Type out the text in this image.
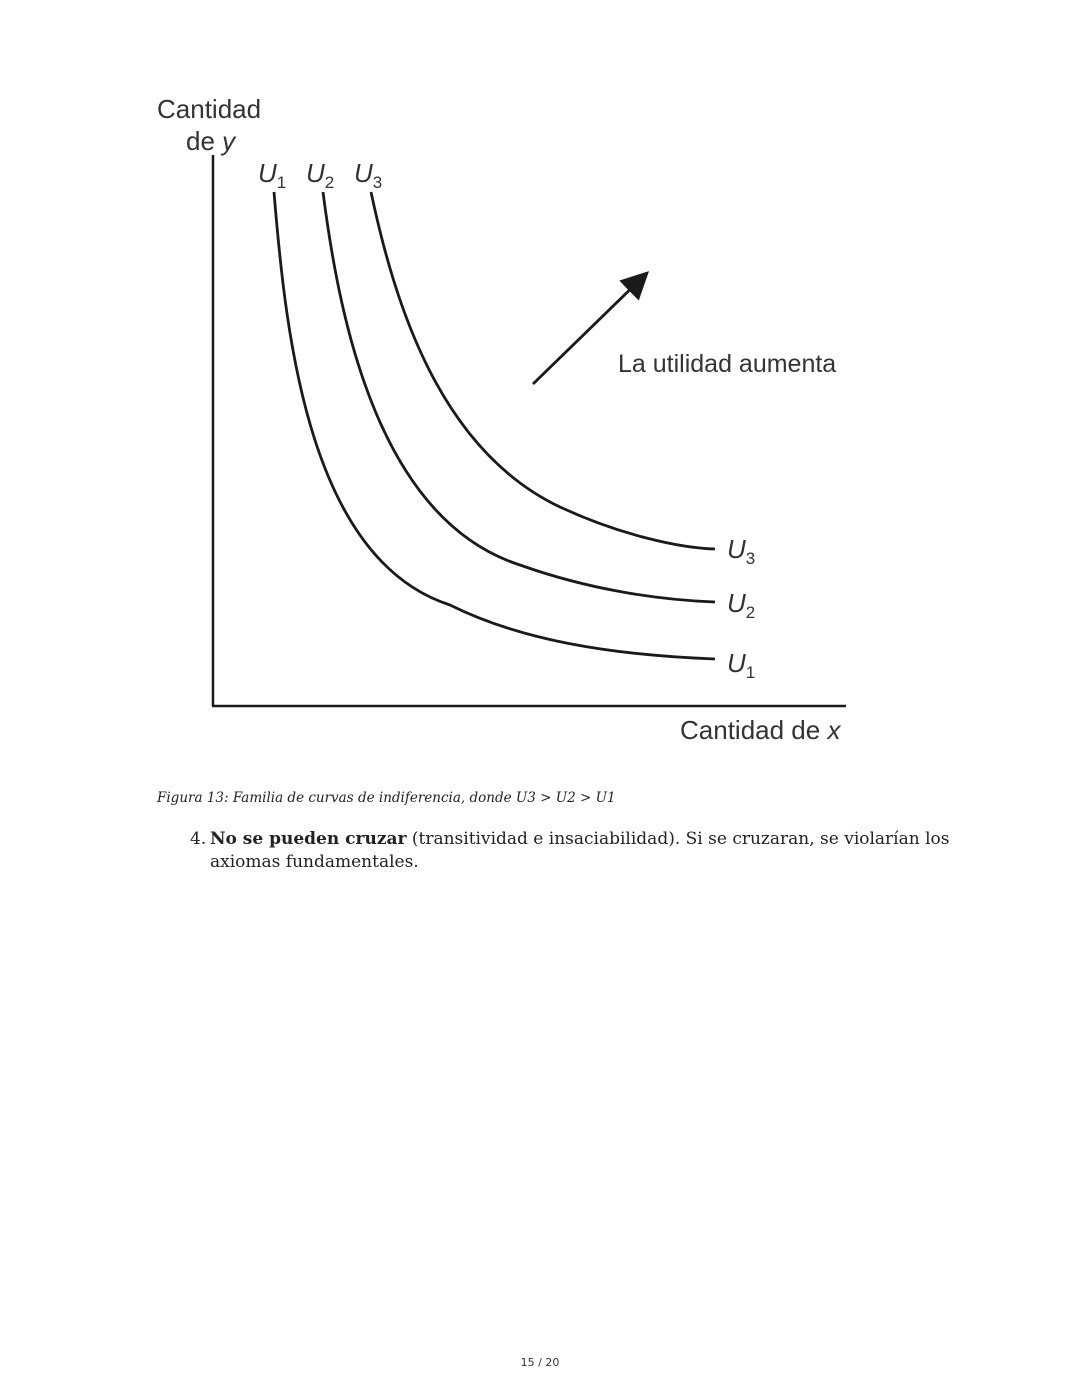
Cantidad
de y
Cantidad de x
$U_1$ $U_2$ $U_3$
$U_3$
$U_2$
$U_1$
La utilidad aumenta
Figura 13: Familia de curvas de indiferencia, donde U3 > U2 > U1
4. No se pueden cruzar (transitividad e insaciabilidad). Si se cruzaran, se violarían los axiomas fundamentales.
15 / 20
